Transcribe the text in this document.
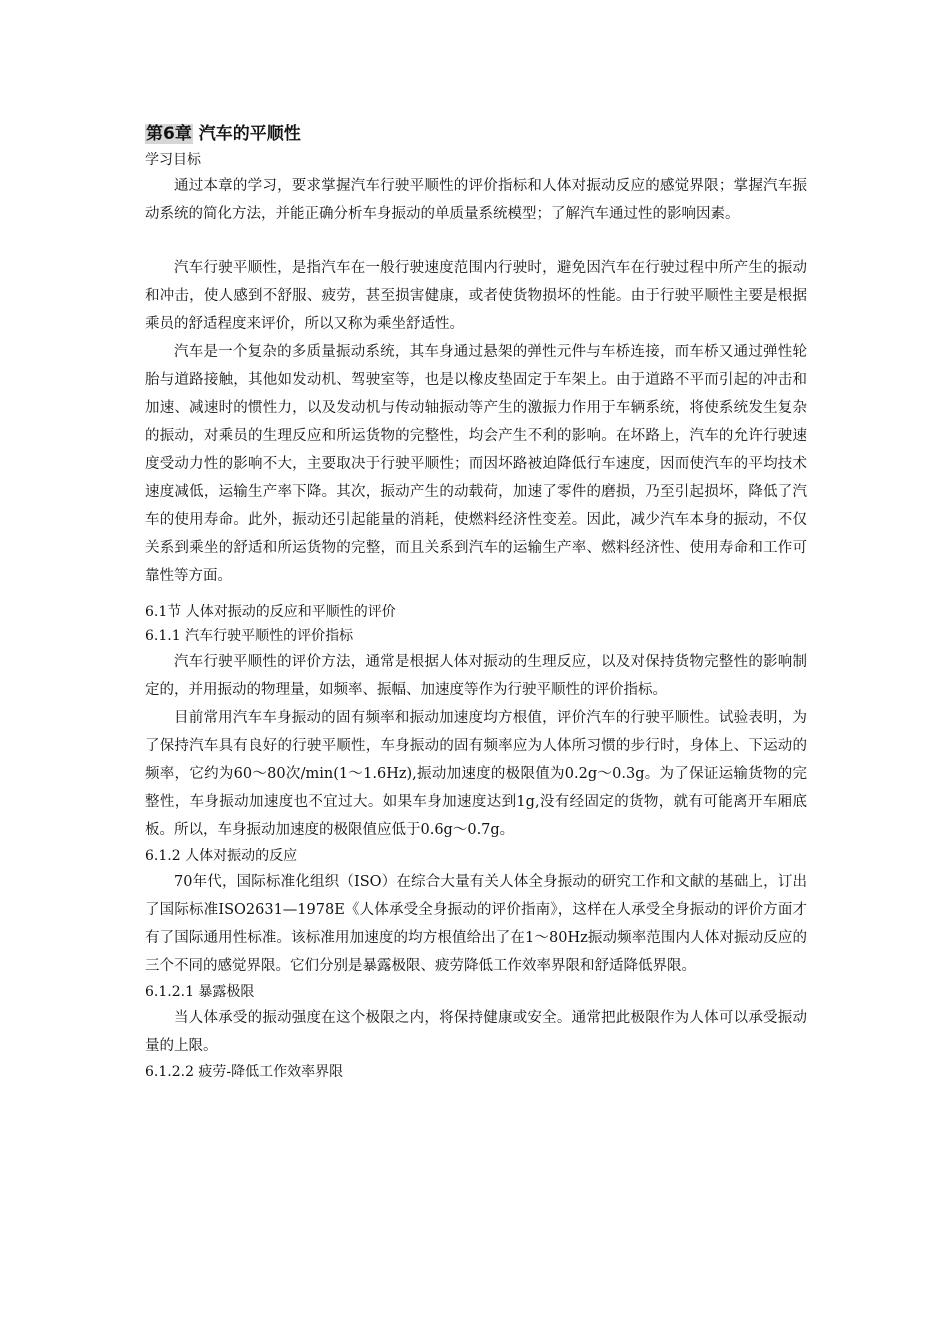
第6章 汽车的平顺性

学习目标

通过本章的学习，要求掌握汽车行驶平顺性的评价指标和人体对振动反应的感觉界限；掌握汽车振动系统的简化方法，并能正确分析车身振动的单质量系统模型；了解汽车通过性的影响因素。

汽车行驶平顺性，是指汽车在一般行驶速度范围内行驶时，避免因汽车在行驶过程中所产生的振动和冲击，使人感到不舒服、疲劳，甚至损害健康，或者使货物损坏的性能。由于行驶平顺性主要是根据乘员的舒适程度来评价，所以又称为乘坐舒适性。

汽车是一个复杂的多质量振动系统，其车身通过悬架的弹性元件与车桥连接，而车桥又通过弹性轮胎与道路接触，其他如发动机、驾驶室等，也是以橡皮垫固定于车架上。由于道路不平而引起的冲击和加速、减速时的惯性力，以及发动机与传动轴振动等产生的激振力作用于车辆系统，将使系统发生复杂的振动，对乘员的生理反应和所运货物的完整性，均会产生不利的影响。在坏路上，汽车的允许行驶速度受动力性的影响不大，主要取决于行驶平顺性；而因坏路被迫降低行车速度，因而使汽车的平均技术速度减低，运输生产率下降。其次，振动产生的动载荷，加速了零件的磨损，乃至引起损坏，降低了汽车的使用寿命。此外，振动还引起能量的消耗，使燃料经济性变差。因此，减少汽车本身的振动，不仅关系到乘坐的舒适和所运货物的完整，而且关系到汽车的运输生产率、燃料经济性、使用寿命和工作可靠性等方面。

6.1节 人体对振动的反应和平顺性的评价

6.1.1 汽车行驶平顺性的评价指标

汽车行驶平顺性的评价方法，通常是根据人体对振动的生理反应，以及对保持货物完整性的影响制定的，并用振动的物理量，如频率、振幅、加速度等作为行驶平顺性的评价指标。

目前常用汽车车身振动的固有频率和振动加速度均方根值，评价汽车的行驶平顺性。试验表明，为了保持汽车具有良好的行驶平顺性，车身振动的固有频率应为人体所习惯的步行时，身体上、下运动的频率，它约为60～80次/min(1～1.6Hz),振动加速度的极限值为0.2g～0.3g。为了保证运输货物的完整性，车身振动加速度也不宜过大。如果车身加速度达到1g,没有经固定的货物，就有可能离开车厢底板。所以，车身振动加速度的极限值应低于0.6g～0.7g。

6.1.2 人体对振动的反应

70年代，国际标准化组织（ISO）在综合大量有关人体全身振动的研究工作和文献的基础上，订出了国际标准ISO2631—1978E《人体承受全身振动的评价指南》，这样在人承受全身振动的评价方面才有了国际通用性标准。该标准用加速度的均方根值给出了在1～80Hz振动频率范围内人体对振动反应的三个不同的感觉界限。它们分别是暴露极限、疲劳降低工作效率界限和舒适降低界限。

6.1.2.1 暴露极限

当人体承受的振动强度在这个极限之内，将保持健康或安全。通常把此极限作为人体可以承受振动量的上限。

6.1.2.2 疲劳-降低工作效率界限
